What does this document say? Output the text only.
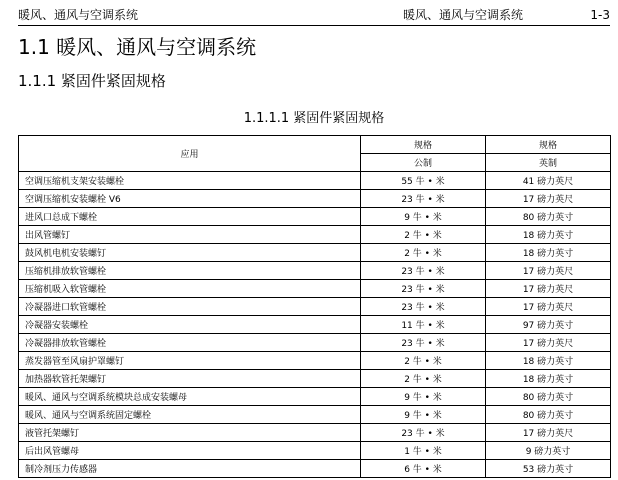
暖风、通风与空调系统	暖风、通风与空调系统	1-3
1.1 暖风、通风与空调系统
1.1.1 紧固件紧固规格
1.1.1.1 紧固件紧固规格
应用	规格	规格
	公制	英制
空调压缩机支架安装螺栓	55 牛 • 米	41 磅力英尺
空调压缩机安装螺栓 V6	23 牛 • 米	17 磅力英尺
进风口总成下螺栓	9 牛 • 米	80 磅力英寸
出风管螺钉	2 牛 • 米	18 磅力英寸
鼓风机电机安装螺钉	2 牛 • 米	18 磅力英寸
压缩机排放软管螺栓	23 牛 • 米	17 磅力英尺
压缩机吸入软管螺栓	23 牛 • 米	17 磅力英尺
冷凝器进口软管螺栓	23 牛 • 米	17 磅力英尺
冷凝器安装螺栓	11 牛 • 米	97 磅力英寸
冷凝器排放软管螺栓	23 牛 • 米	17 磅力英尺
蒸发器管至风扇护罩螺钉	2 牛 • 米	18 磅力英寸
加热器软管托架螺钉	2 牛 • 米	18 磅力英寸
暖风、通风与空调系统模块总成安装螺母	9 牛 • 米	80 磅力英寸
暖风、通风与空调系统固定螺栓	9 牛 • 米	80 磅力英寸
液管托架螺钉	23 牛 • 米	17 磅力英尺
后出风管螺母	1 牛 • 米	9 磅力英寸
制冷剂压力传感器	6 牛 • 米	53 磅力英寸
